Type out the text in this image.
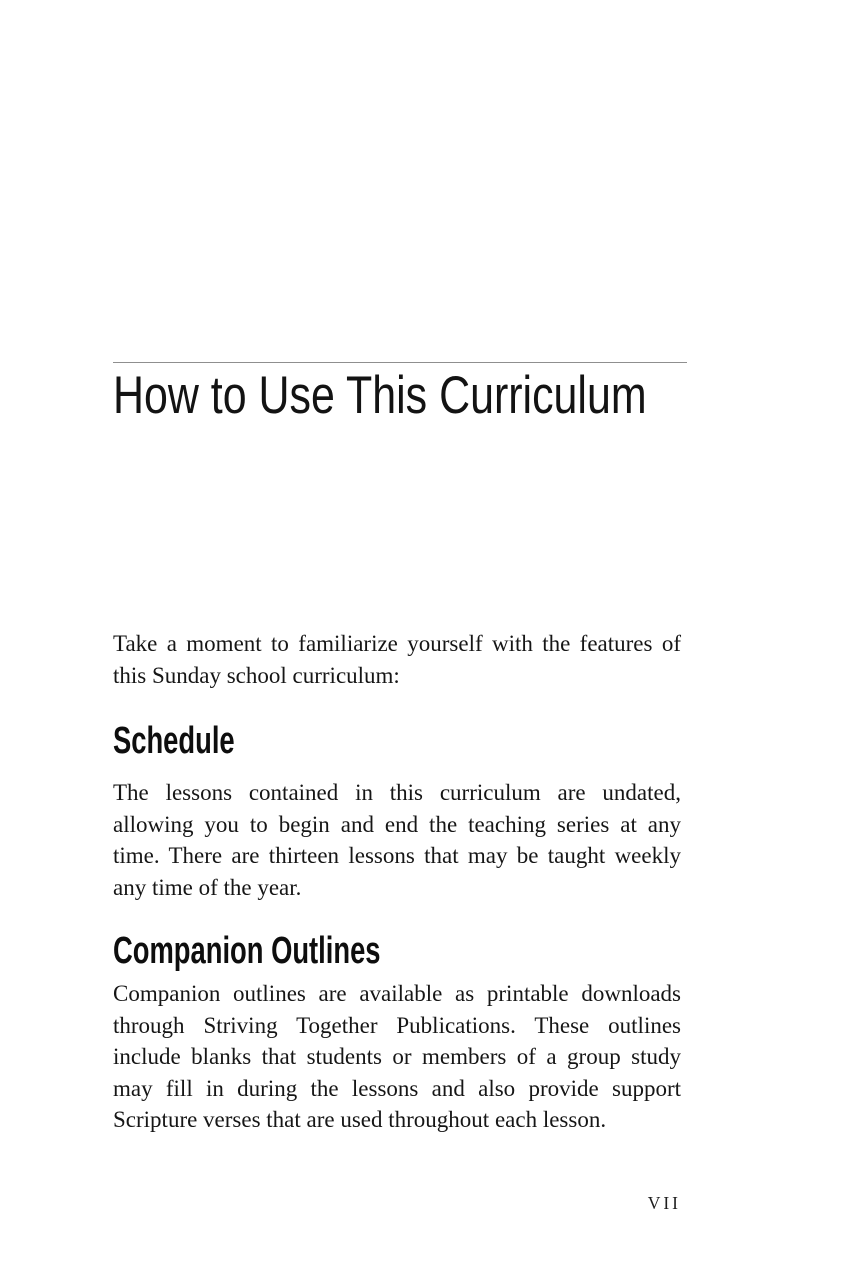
How to Use This Curriculum
Take a moment to familiarize yourself with the features of
this Sunday school curriculum:
Schedule
The lessons contained in this curriculum are undated,
allowing you to begin and end the teaching series at any
time. There are thirteen lessons that may be taught weekly
any time of the year.
Companion Outlines
Companion outlines are available as printable downloads
through Striving Together Publications. These outlines
include blanks that students or members of a group study
may fill in during the lessons and also provide support
Scripture verses that are used throughout each lesson.
VII
